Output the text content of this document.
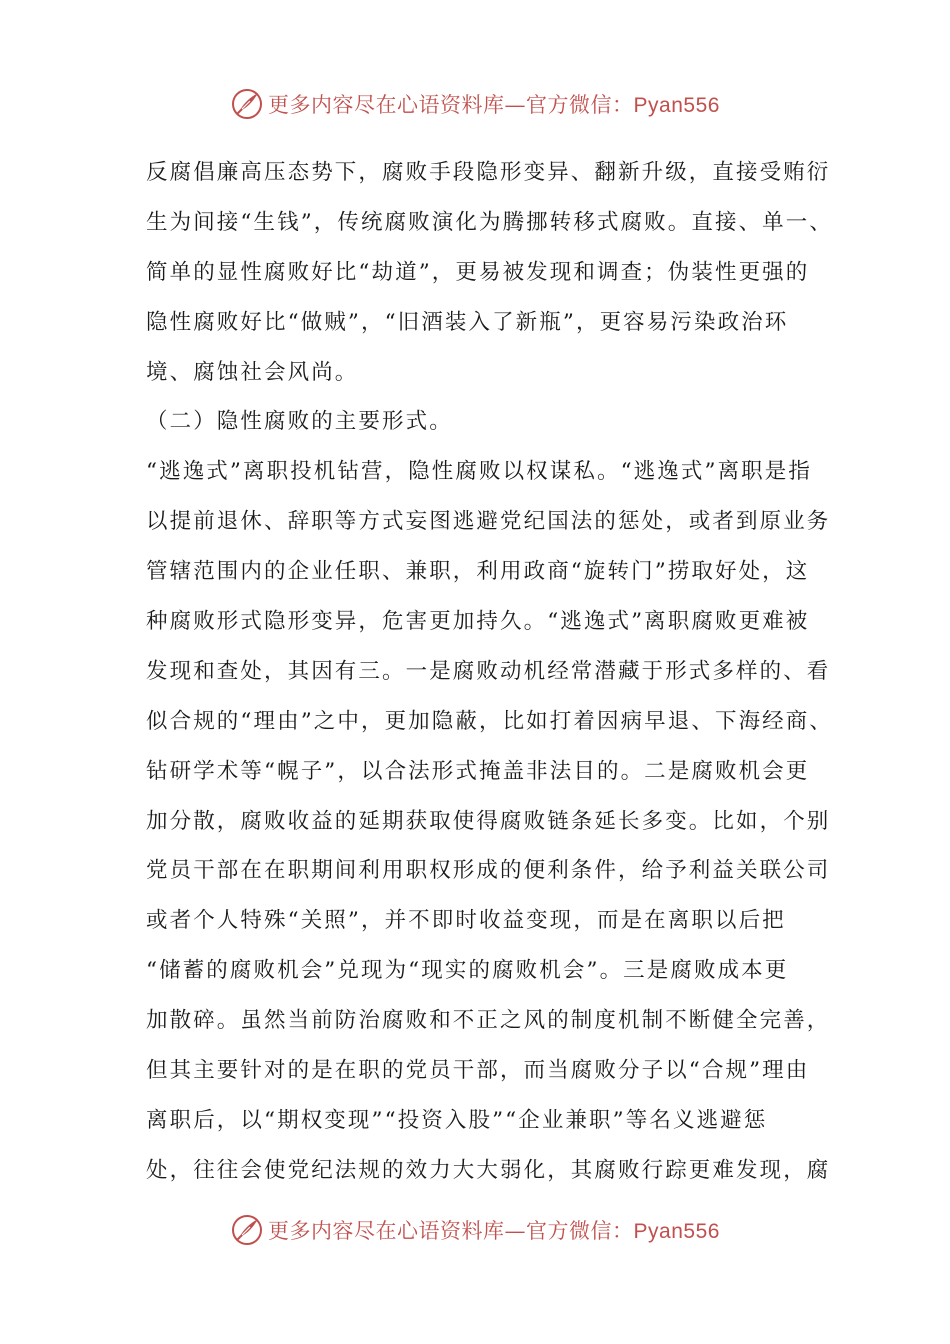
更多内容尽在心语资料库—官方微信：Pyan556
反腐倡廉高压态势下，腐败手段隐形变异、翻新升级，直接受贿衍
生为间接“生钱”，传统腐败演化为腾挪转移式腐败。直接、单一、
简单的显性腐败好比“劫道”，更易被发现和调查；伪装性更强的
隐性腐败好比“做贼”，“旧酒装入了新瓶”，更容易污染政治环
境、腐蚀社会风尚。
（二）隐性腐败的主要形式。
“逃逸式”离职投机钻营，隐性腐败以权谋私。“逃逸式”离职是指
以提前退休、辞职等方式妄图逃避党纪国法的惩处，或者到原业务
管辖范围内的企业任职、兼职，利用政商“旋转门”捞取好处，这
种腐败形式隐形变异，危害更加持久。“逃逸式”离职腐败更难被
发现和查处，其因有三。一是腐败动机经常潜藏于形式多样的、看
似合规的“理由”之中，更加隐蔽，比如打着因病早退、下海经商、
钻研学术等“幌子”，以合法形式掩盖非法目的。二是腐败机会更
加分散，腐败收益的延期获取使得腐败链条延长多变。比如，个别
党员干部在在职期间利用职权形成的便利条件，给予利益关联公司
或者个人特殊“关照”，并不即时收益变现，而是在离职以后把
“储蓄的腐败机会”兑现为“现实的腐败机会”。三是腐败成本更
加散碎。虽然当前防治腐败和不正之风的制度机制不断健全完善，
但其主要针对的是在职的党员干部，而当腐败分子以“合规”理由
离职后，以“期权变现”“投资入股”“企业兼职”等名义逃避惩
处，往往会使党纪法规的效力大大弱化，其腐败行踪更难发现，腐
更多内容尽在心语资料库—官方微信：Pyan556
